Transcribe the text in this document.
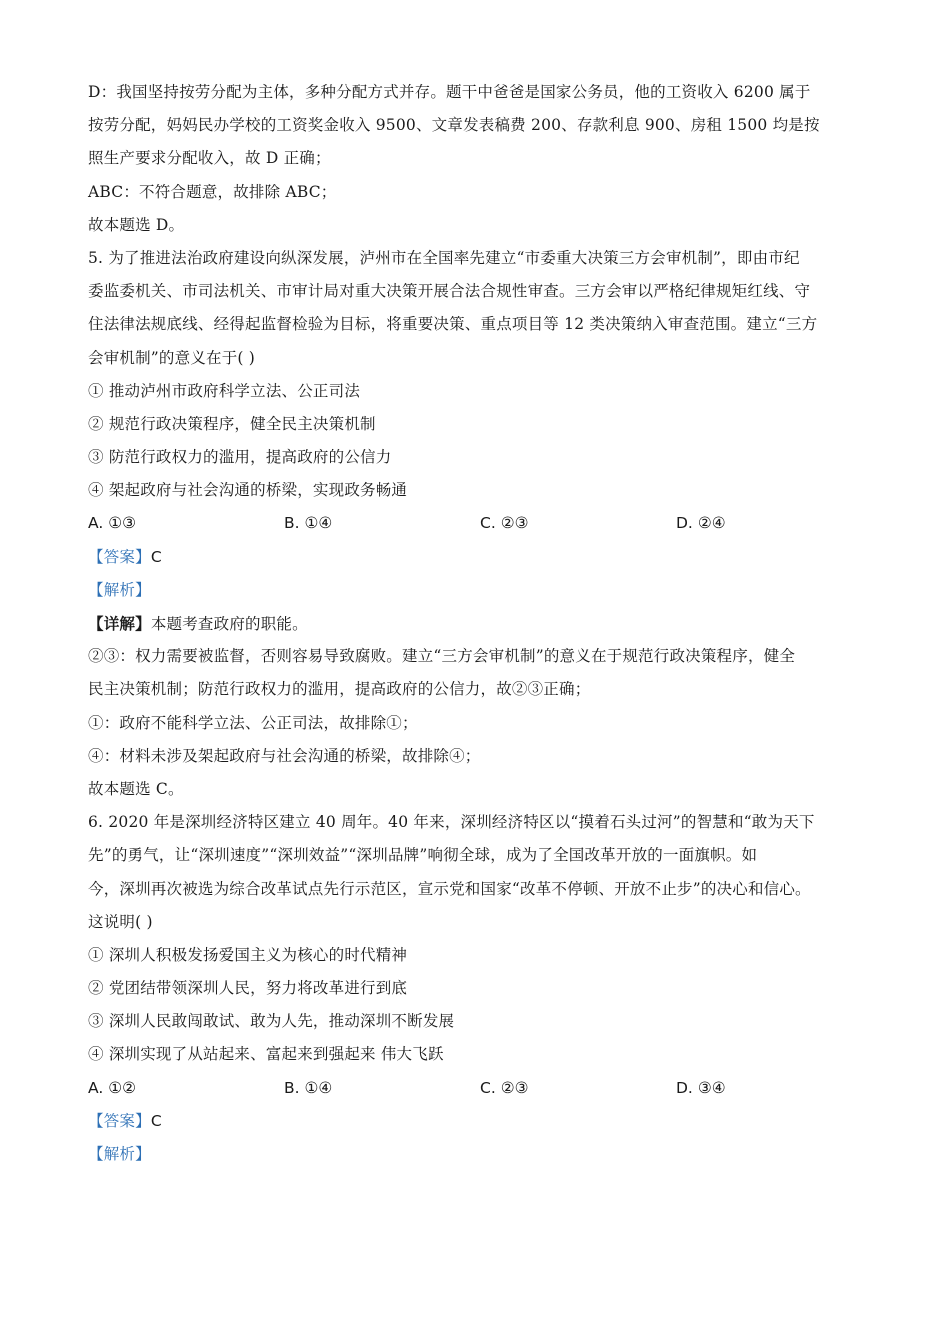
D：我国坚持按劳分配为主体，多种分配方式并存。题干中爸爸是国家公务员，他的工资收入 6200 属于
按劳分配，妈妈民办学校的工资奖金收入 9500、文章发表稿费 200、存款利息 900、房租 1500 均是按
照生产要求分配收入，故 D 正确；
ABC：不符合题意，故排除 ABC；
故本题选 D。
5. 为了推进法治政府建设向纵深发展，泸州市在全国率先建立“市委重大决策三方会审机制”，即由市纪
委监委机关、市司法机关、市审计局对重大决策开展合法合规性审查。三方会审以严格纪律规矩红线、守
住法律法规底线、经得起监督检验为目标，将重要决策、重点项目等 12 类决策纳入审查范围。建立“三方
会审机制”的意义在于( )
① 推动泸州市政府科学立法、公正司法
② 规范行政决策程序，健全民主决策机制
③ 防范行政权力的滥用，提高政府的公信力
④ 架起政府与社会沟通的桥梁，实现政务畅通
A. ①③	B. ①④	C. ②③	D. ②④
【答案】C
【解析】
【详解】本题考查政府的职能。
②③：权力需要被监督，否则容易导致腐败。建立“三方会审机制”的意义在于规范行政决策程序，健全
民主决策机制；防范行政权力的滥用，提高政府的公信力，故②③正确；
①：政府不能科学立法、公正司法，故排除①；
④：材料未涉及架起政府与社会沟通的桥梁，故排除④；
故本题选 C。
6. 2020 年是深圳经济特区建立 40 周年。40 年来，深圳经济特区以“摸着石头过河”的智慧和“敢为天下
先”的勇气，让“深圳速度”“深圳效益”“深圳品牌”响彻全球，成为了全国改革开放的一面旗帜。如
今，深圳再次被选为综合改革试点先行示范区，宣示党和国家“改革不停顿、开放不止步”的决心和信心。
这说明( )
① 深圳人积极发扬爱国主义为核心的时代精神
② 党团结带领深圳人民，努力将改革进行到底
③ 深圳人民敢闯敢试、敢为人先，推动深圳不断发展
④ 深圳实现了从站起来、富起来到强起来 伟大飞跃
A. ①②	B. ①④	C. ②③	D. ③④
【答案】C
【解析】
